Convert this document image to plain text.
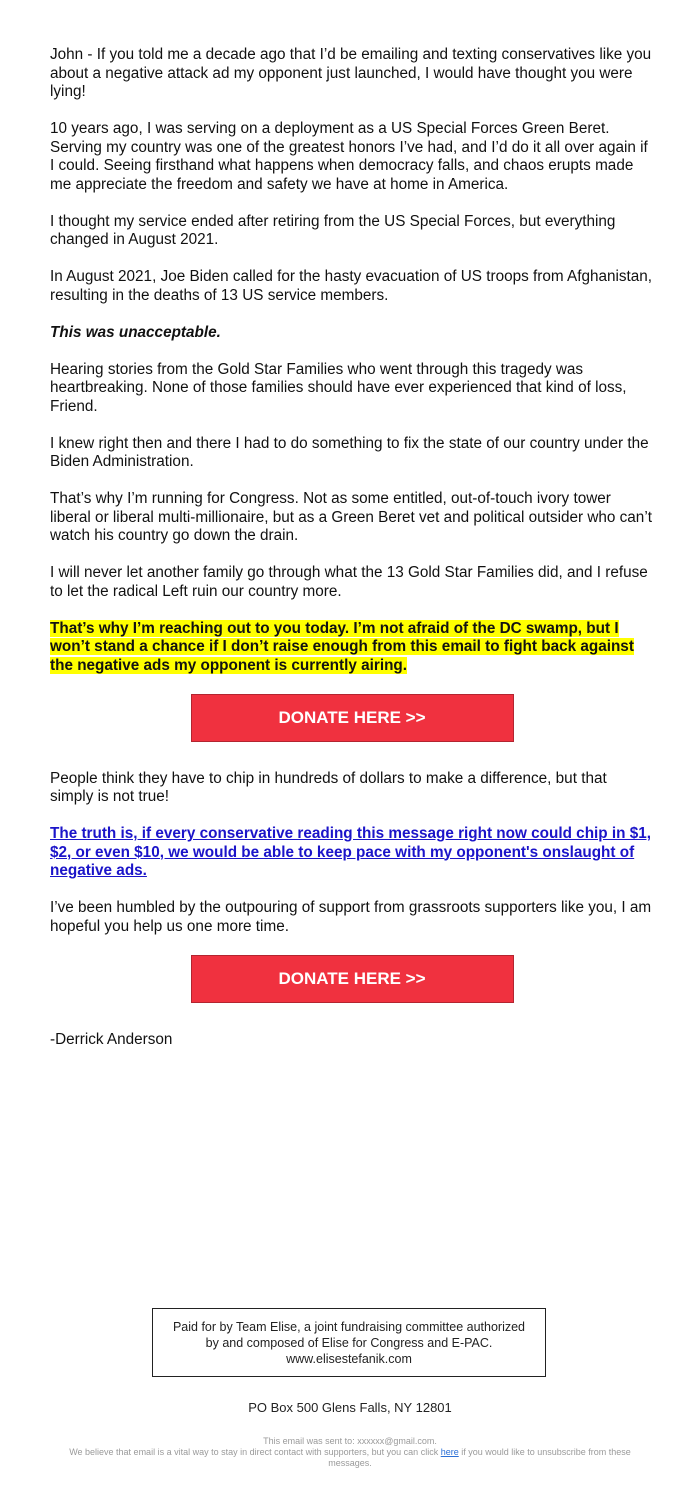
John - If you told me a decade ago that I’d be emailing and texting conservatives like you about a negative attack ad my opponent just launched, I would have thought you were lying!

10 years ago, I was serving on a deployment as a US Special Forces Green Beret. Serving my country was one of the greatest honors I’ve had, and I’d do it all over again if I could. Seeing firsthand what happens when democracy falls, and chaos erupts made me appreciate the freedom and safety we have at home in America.

I thought my service ended after retiring from the US Special Forces, but everything changed in August 2021.

In August 2021, Joe Biden called for the hasty evacuation of US troops from Afghanistan, resulting in the deaths of 13 US service members.

This was unacceptable.

Hearing stories from the Gold Star Families who went through this tragedy was heartbreaking. None of those families should have ever experienced that kind of loss, Friend.

I knew right then and there I had to do something to fix the state of our country under the Biden Administration.

That’s why I’m running for Congress. Not as some entitled, out-of-touch ivory tower liberal or liberal multi-millionaire, but as a Green Beret vet and political outsider who can’t watch his country go down the drain.

I will never let another family go through what the 13 Gold Star Families did, and I refuse to let the radical Left ruin our country more.

That’s why I’m reaching out to you today. I’m not afraid of the DC swamp, but I won’t stand a chance if I don’t raise enough from this email to fight back against the negative ads my opponent is currently airing.

DONATE HERE >>

People think they have to chip in hundreds of dollars to make a difference, but that simply is not true!

The truth is, if every conservative reading this message right now could chip in $1, $2, or even $10, we would be able to keep pace with my opponent's onslaught of negative ads.

I’ve been humbled by the outpouring of support from grassroots supporters like you, I am hopeful you help us one more time.

DONATE HERE >>

-Derrick Anderson

Paid for by Team Elise, a joint fundraising committee authorized by and composed of Elise for Congress and E-PAC. www.elisestefanik.com
PO Box 500 Glens Falls, NY 12801
This email was sent to: xxxxxx@gmail.com.
We believe that email is a vital way to stay in direct contact with supporters, but you can click here if you would like to unsubscribe from these messages.
